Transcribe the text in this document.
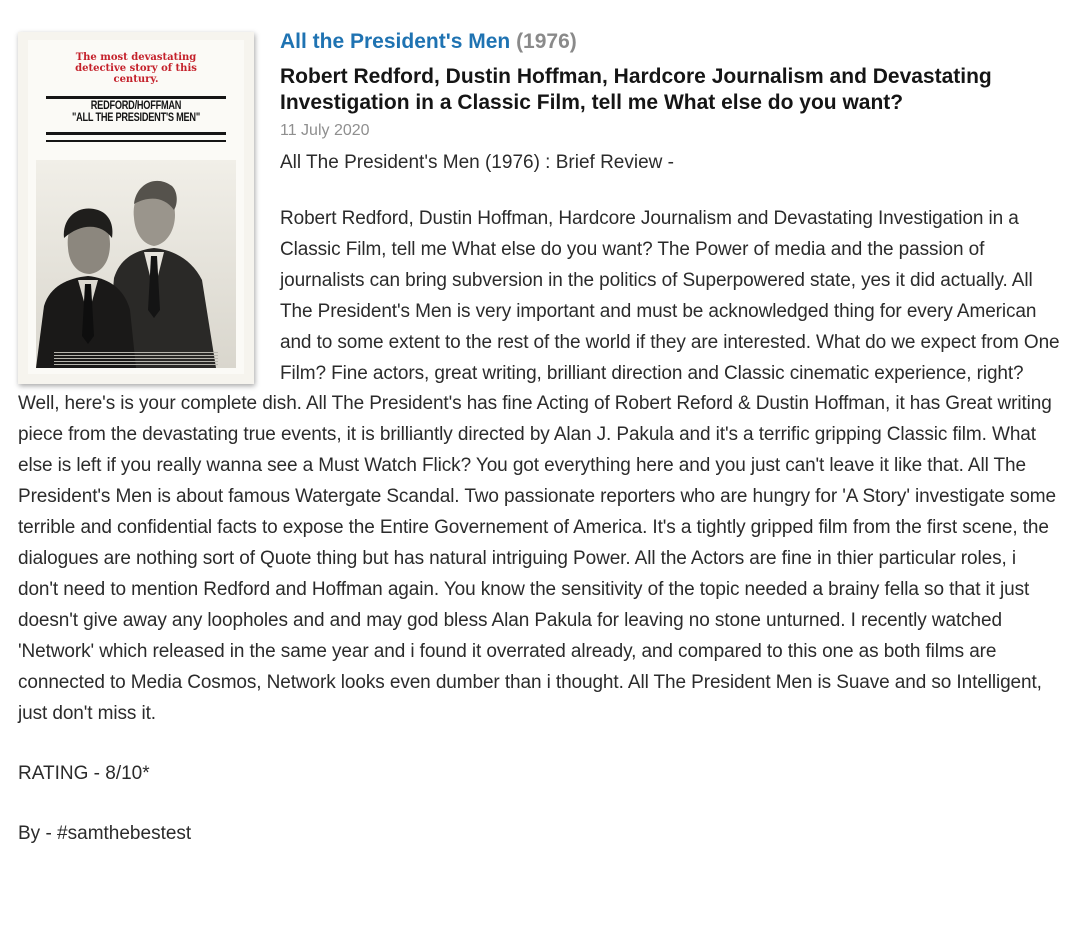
The most devastating detective story of this century.
REDFORD/HOFFMAN
"ALL THE PRESIDENT'S MEN"
All the President's Men (1976)
Robert Redford, Dustin Hoffman, Hardcore Journalism and Devastating Investigation in a Classic Film, tell me What else do you want?
11 July 2020

All The President's Men (1976) : Brief Review -

Robert Redford, Dustin Hoffman, Hardcore Journalism and Devastating Investigation in a Classic Film, tell me What else do you want? The Power of media and the passion of journalists can bring subversion in the politics of Superpowered state, yes it did actually. All The President's Men is very important and must be acknowledged thing for every American and to some extent to the rest of the world if they are interested. What do we expect from One Film? Fine actors, great writing, brilliant direction and Classic cinematic experience, right? Well, here's is your complete dish. All The President's has fine Acting of Robert Reford & Dustin Hoffman, it has Great writing piece from the devastating true events, it is brilliantly directed by Alan J. Pakula and it's a terrific gripping Classic film. What else is left if you really wanna see a Must Watch Flick? You got everything here and you just can't leave it like that. All The President's Men is about famous Watergate Scandal. Two passionate reporters who are hungry for 'A Story' investigate some terrible and confidential facts to expose the Entire Governement of America. It's a tightly gripped film from the first scene, the dialogues are nothing sort of Quote thing but has natural intriguing Power. All the Actors are fine in thier particular roles, i don't need to mention Redford and Hoffman again. You know the sensitivity of the topic needed a brainy fella so that it just doesn't give away any loopholes and and may god bless Alan Pakula for leaving no stone unturned. I recently watched 'Network' which released in the same year and i found it overrated already, and compared to this one as both films are connected to Media Cosmos, Network looks even dumber than i thought. All The President Men is Suave and so Intelligent, just don't miss it.

RATING - 8/10*

By - #samthebestest
